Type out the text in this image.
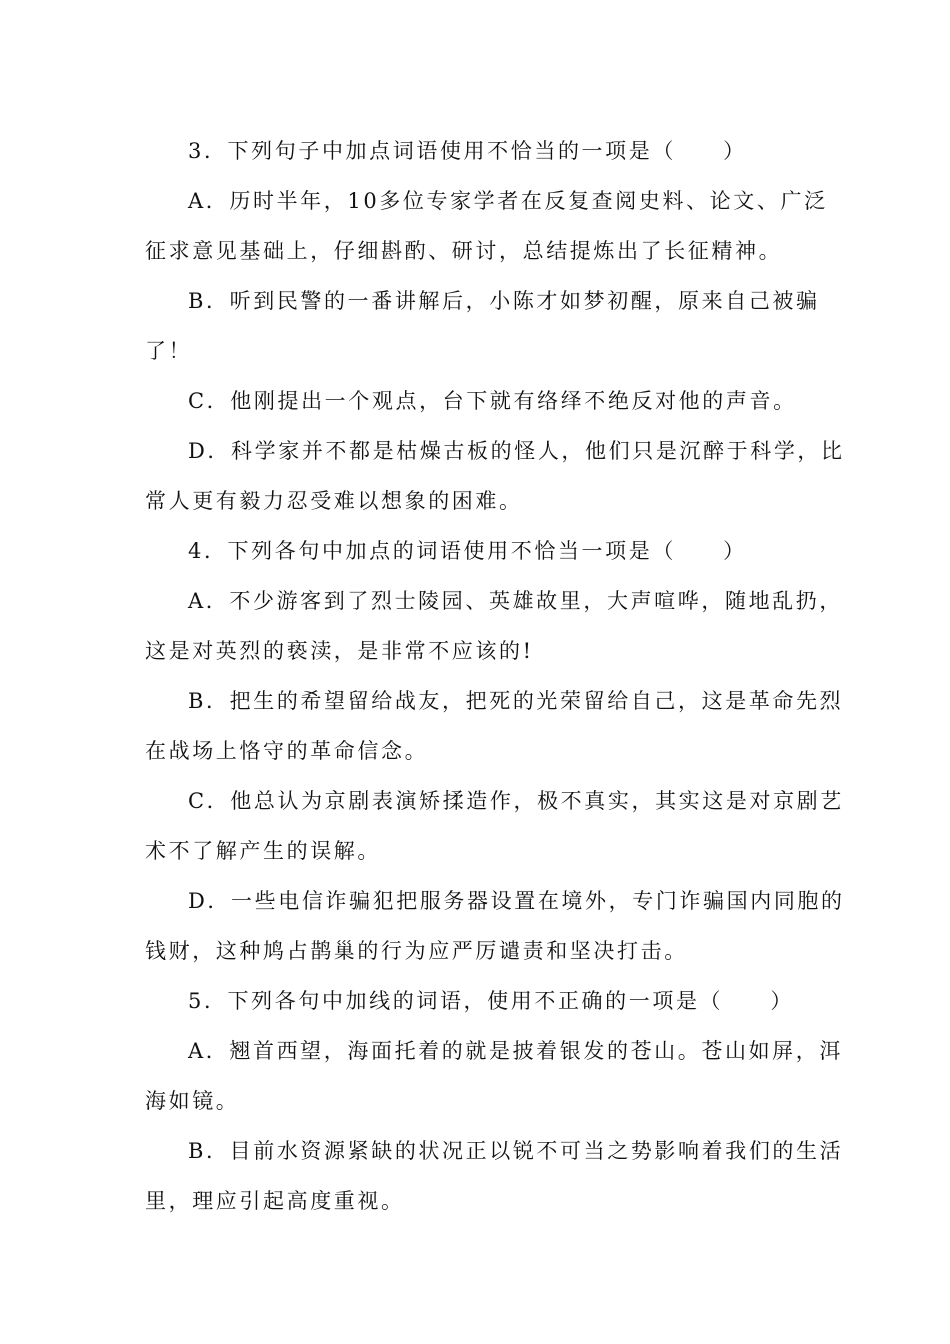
3．下列句子中加点词语使用不恰当的一项是（　　）
A．历时半年，10多位专家学者在反复查阅史料、论文、广泛
征求意见基础上，仔细斟酌、研讨，总结提炼出了长征精神。
B．听到民警的一番讲解后，小陈才如梦初醒，原来自己被骗
了！
C．他刚提出一个观点，台下就有络绎不绝反对他的声音。
D．科学家并不都是枯燥古板的怪人，他们只是沉醉于科学，比
常人更有毅力忍受难以想象的困难。
4．下列各句中加点的词语使用不恰当一项是（　　）
A．不少游客到了烈士陵园、英雄故里，大声喧哗，随地乱扔，
这是对英烈的亵渎，是非常不应该的!
B．把生的希望留给战友，把死的光荣留给自己，这是革命先烈
在战场上恪守的革命信念。
C．他总认为京剧表演矫揉造作，极不真实，其实这是对京剧艺
术不了解产生的误解。
D．一些电信诈骗犯把服务器设置在境外，专门诈骗国内同胞的
钱财，这种鸠占鹊巢的行为应严厉谴责和坚决打击。
5．下列各句中加线的词语，使用不正确的一项是（　　）
A．翘首西望，海面托着的就是披着银发的苍山。苍山如屏，洱
海如镜。
B．目前水资源紧缺的状况正以锐不可当之势影响着我们的生活
里，理应引起高度重视。
